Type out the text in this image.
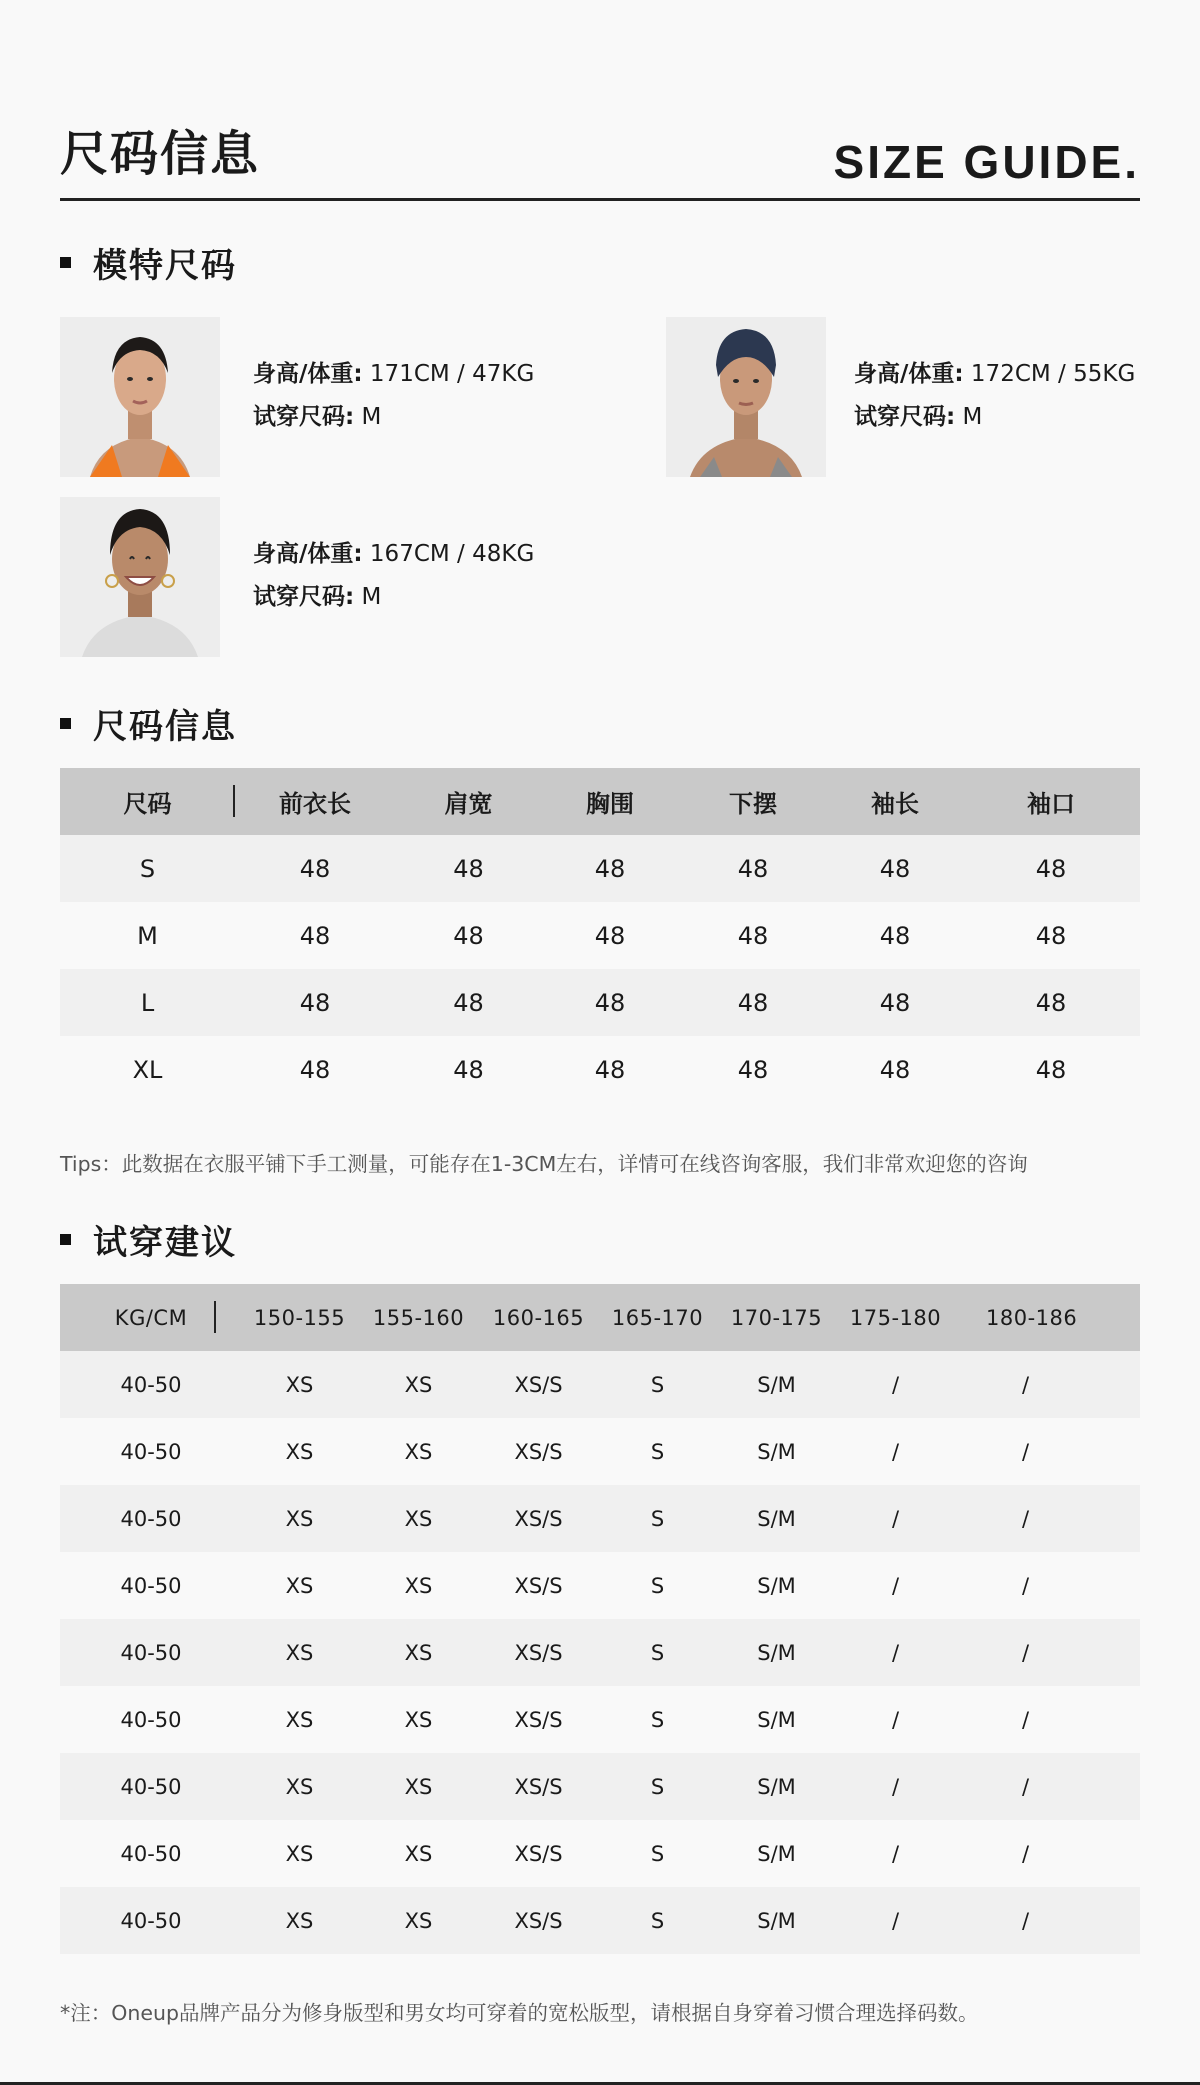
尺码信息	SIZE GUIDE.
模特尺码
身高/体重: 171CM / 47KG
试穿尺码: M
身高/体重: 172CM / 55KG
试穿尺码: M
身高/体重: 167CM / 48KG
试穿尺码: M
尺码信息
尺码	前衣长	肩宽	胸围	下摆	袖长	袖口
S	48	48	48	48	48	48
M	48	48	48	48	48	48
L	48	48	48	48	48	48
XL	48	48	48	48	48	48
Tips：此数据在衣服平铺下手工测量，可能存在1-3CM左右，详情可在线咨询客服，我们非常欢迎您的咨询
试穿建议
KG/CM	150-155	155-160	160-165	165-170	170-175	175-180	180-186
40-50	XS	XS	XS/S	S	S/M	/	/
40-50	XS	XS	XS/S	S	S/M	/	/
40-50	XS	XS	XS/S	S	S/M	/	/
40-50	XS	XS	XS/S	S	S/M	/	/
40-50	XS	XS	XS/S	S	S/M	/	/
40-50	XS	XS	XS/S	S	S/M	/	/
40-50	XS	XS	XS/S	S	S/M	/	/
40-50	XS	XS	XS/S	S	S/M	/	/
40-50	XS	XS	XS/S	S	S/M	/	/
*注：Oneup品牌产品分为修身版型和男女均可穿着的宽松版型，请根据自身穿着习惯合理选择码数。
